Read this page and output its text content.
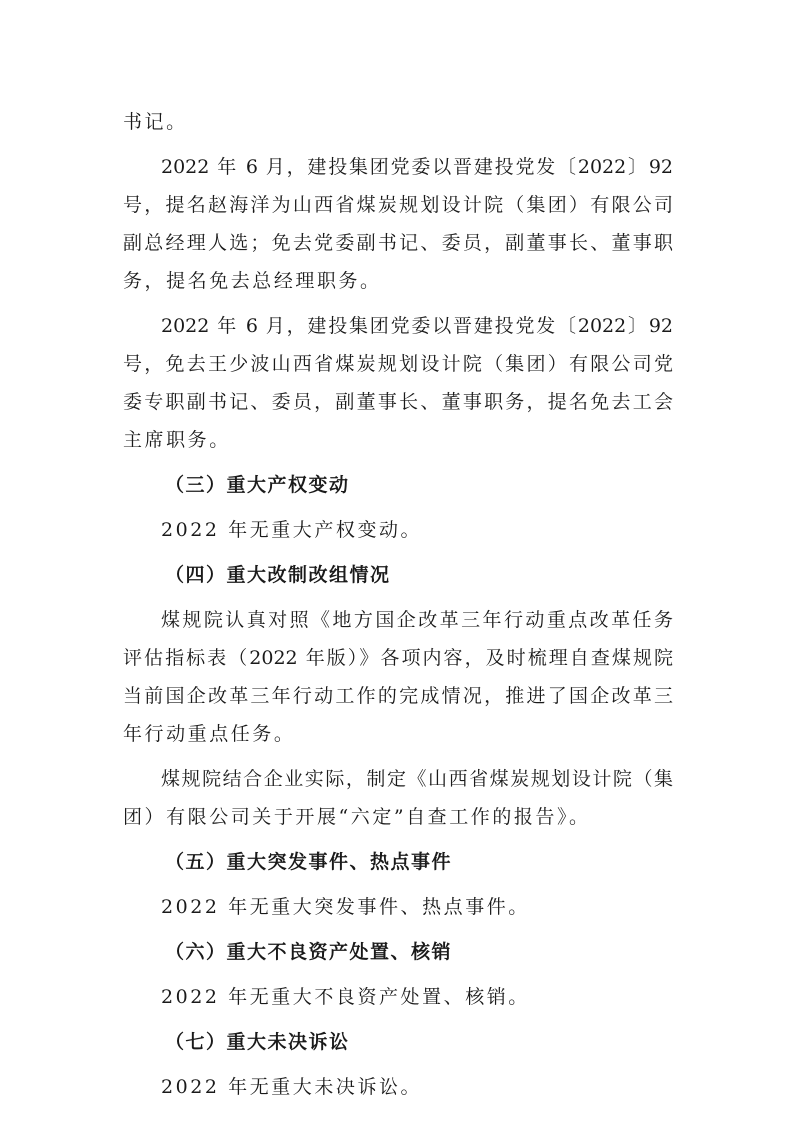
书记。
2022 年 6 月，建投集团党委以晋建投党发〔2022〕92
号，提名赵海洋为山西省煤炭规划设计院（集团）有限公司
副总经理人选；免去党委副书记、委员，副董事长、董事职
务，提名免去总经理职务。
2022 年 6 月，建投集团党委以晋建投党发〔2022〕92
号，免去王少波山西省煤炭规划设计院（集团）有限公司党
委专职副书记、委员，副董事长、董事职务，提名免去工会
主席职务。
（三）重大产权变动
2022 年无重大产权变动。
（四）重大改制改组情况
煤规院认真对照《地方国企改革三年行动重点改革任务
评估指标表（2022 年版）》各项内容，及时梳理自查煤规院
当前国企改革三年行动工作的完成情况，推进了国企改革三
年行动重点任务。
煤规院结合企业实际，制定《山西省煤炭规划设计院（集
团）有限公司关于开展“六定”自查工作的报告》。
（五）重大突发事件、热点事件
2022 年无重大突发事件、热点事件。
（六）重大不良资产处置、核销
2022 年无重大不良资产处置、核销。
（七）重大未决诉讼
2022 年无重大未决诉讼。
